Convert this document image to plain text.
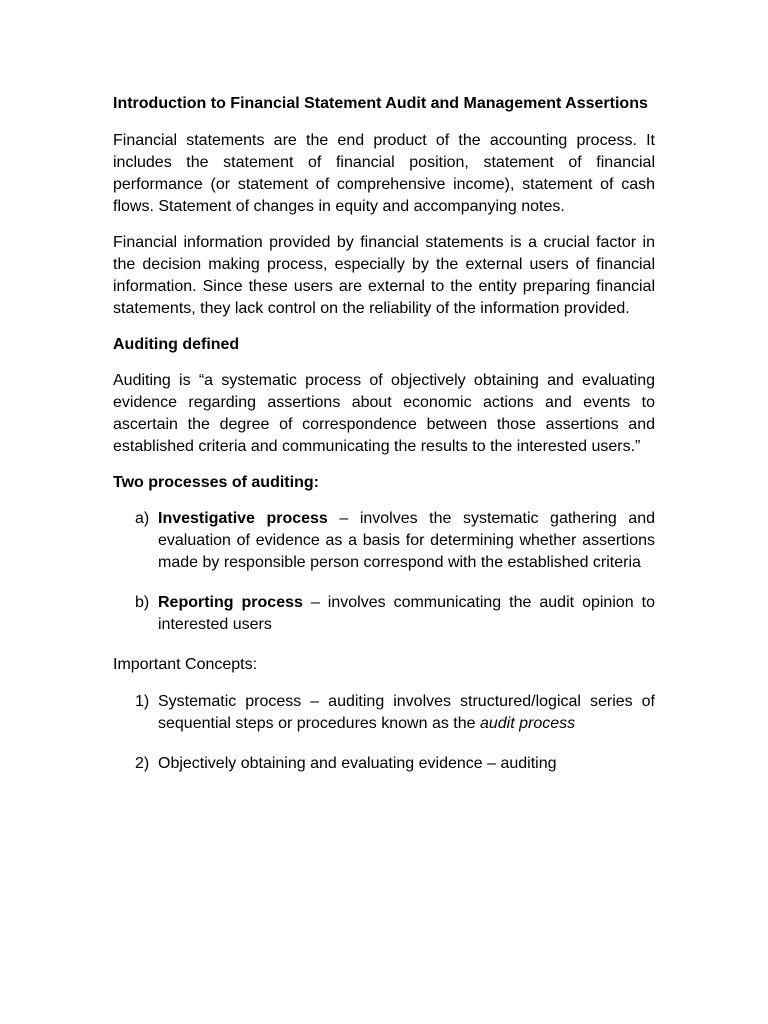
Introduction to Financial Statement Audit and Management Assertions

Financial statements are the end product of the accounting process. It includes the statement of financial position, statement of financial performance (or statement of comprehensive income), statement of cash flows. Statement of changes in equity and accompanying notes.

Financial information provided by financial statements is a crucial factor in the decision making process, especially by the external users of financial information. Since these users are external to the entity preparing financial statements, they lack control on the reliability of the information provided.

Auditing defined

Auditing is “a systematic process of objectively obtaining and evaluating evidence regarding assertions about economic actions and events to ascertain the degree of correspondence between those assertions and established criteria and communicating the results to the interested users.”

Two processes of auditing:

a) Investigative process – involves the systematic gathering and evaluation of evidence as a basis for determining whether assertions made by responsible person correspond with the established criteria
b) Reporting process – involves communicating the audit opinion to interested users

Important Concepts:

1) Systematic process – auditing involves structured/logical series of sequential steps or procedures known as the audit process
2) Objectively obtaining and evaluating evidence – auditing
